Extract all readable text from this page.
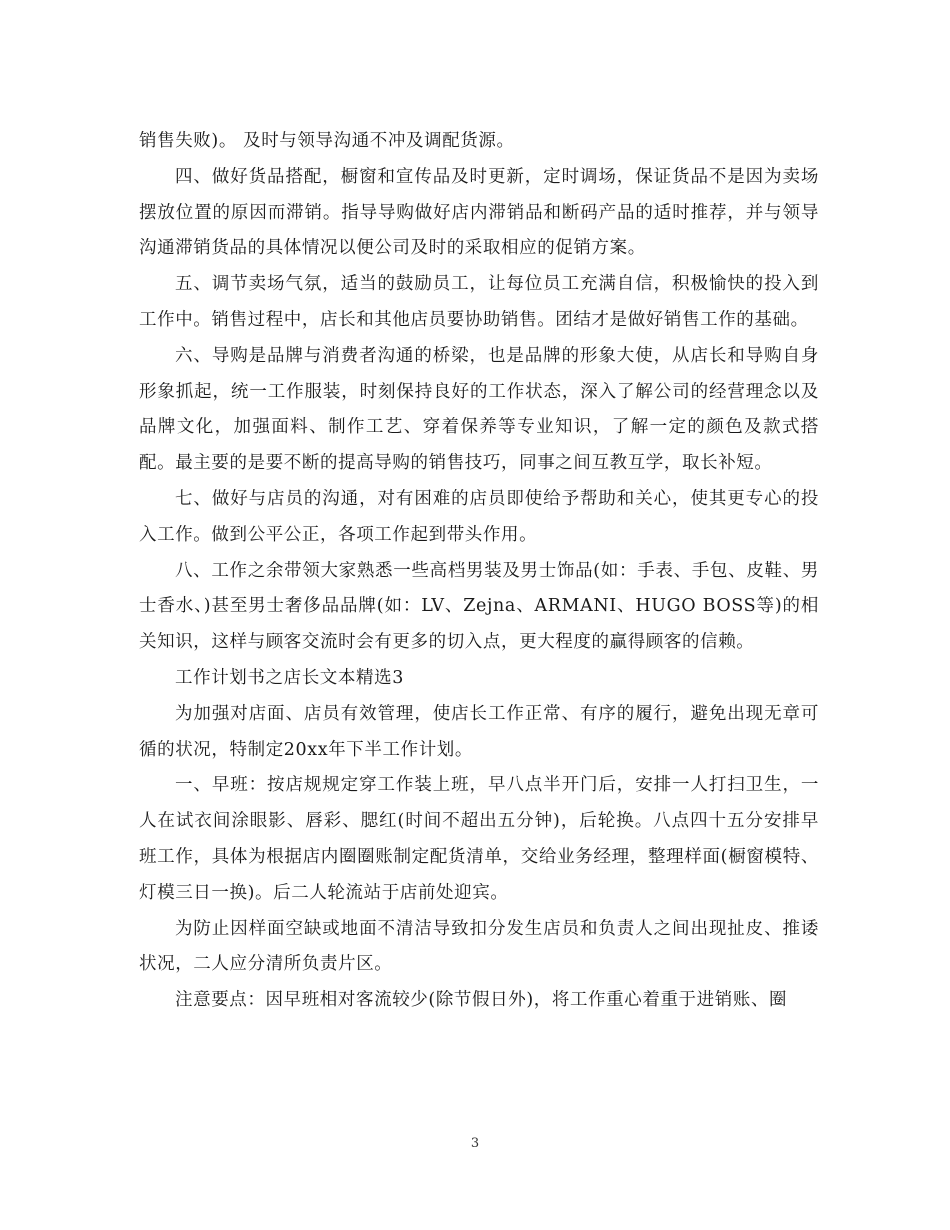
销售失败)。 及时与领导沟通不冲及调配货源。

四、做好货品搭配，橱窗和宣传品及时更新，定时调场，保证货品不是因为卖场摆放位置的原因而滞销。指导导购做好店内滞销品和断码产品的适时推荐，并与领导沟通滞销货品的具体情况以便公司及时的采取相应的促销方案。

五、调节卖场气氛，适当的鼓励员工，让每位员工充满自信，积极愉快的投入到工作中。销售过程中，店长和其他店员要协助销售。团结才是做好销售工作的基础。

六、导购是品牌与消费者沟通的桥梁，也是品牌的形象大使，从店长和导购自身形象抓起，统一工作服装，时刻保持良好的工作状态，深入了解公司的经营理念以及品牌文化，加强面料、制作工艺、穿着保养等专业知识，了解一定的颜色及款式搭配。最主要的是要不断的提高导购的销售技巧，同事之间互教互学，取长补短。

七、做好与店员的沟通，对有困难的店员即使给予帮助和关心，使其更专心的投入工作。做到公平公正，各项工作起到带头作用。

八、工作之余带领大家熟悉一些高档男装及男士饰品(如：手表、手包、皮鞋、男士香水、)甚至男士奢侈品品牌(如：LV、Zejna、ARMANI、HUGO BOSS等)的相关知识，这样与顾客交流时会有更多的切入点，更大程度的赢得顾客的信赖。

工作计划书之店长文本精选3

为加强对店面、店员有效管理，使店长工作正常、有序的履行，避免出现无章可循的状况，特制定20xx年下半工作计划。

一、早班：按店规规定穿工作装上班，早八点半开门后，安排一人打扫卫生，一人在试衣间涂眼影、唇彩、腮红(时间不超出五分钟)，后轮换。八点四十五分安排早班工作，具体为根据店内圈圈账制定配货清单，交给业务经理，整理样面(橱窗模特、灯模三日一换)。后二人轮流站于店前处迎宾。

为防止因样面空缺或地面不清洁导致扣分发生店员和负责人之间出现扯皮、推诿状况，二人应分清所负责片区。

注意要点：因早班相对客流较少(除节假日外)，将工作重心着重于进销账、圈

3
